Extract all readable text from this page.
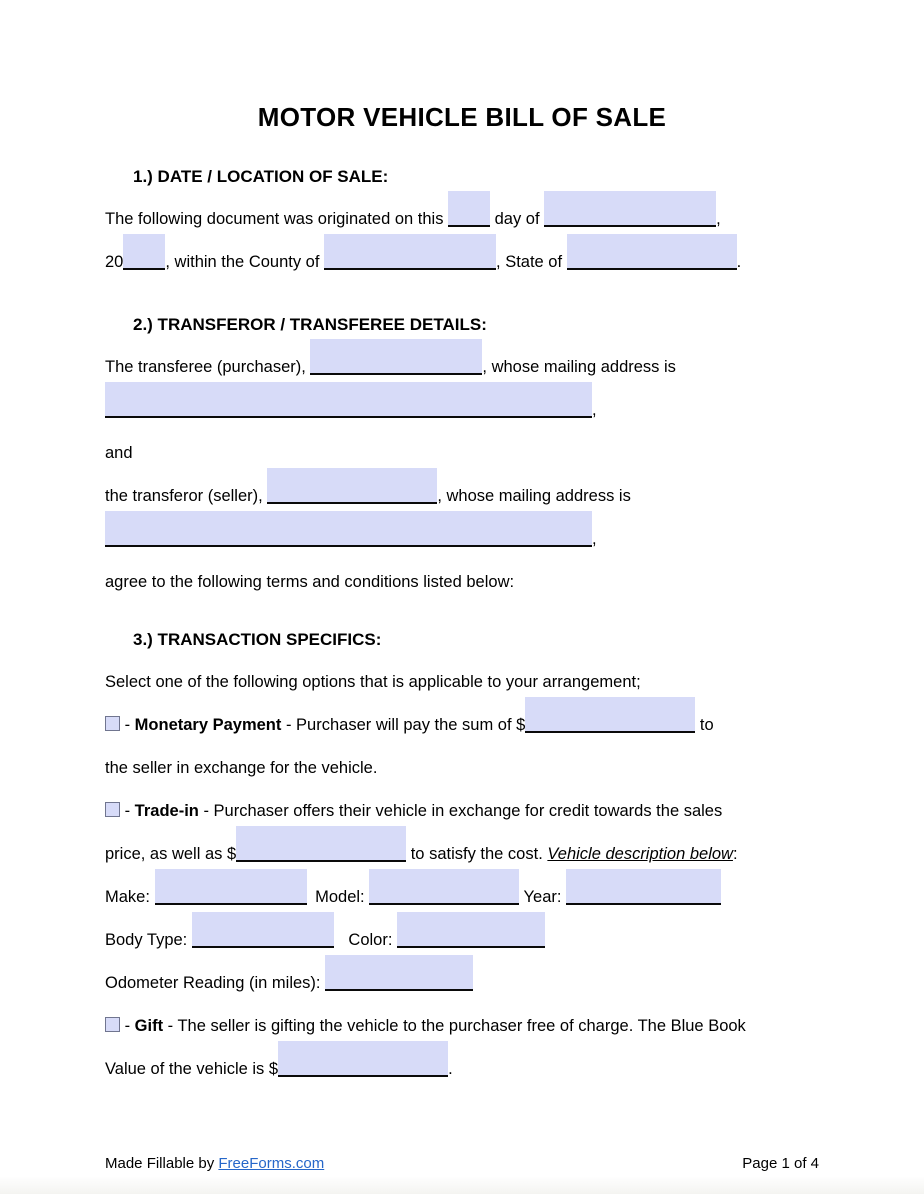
MOTOR VEHICLE BILL OF SALE
1.) DATE / LOCATION OF SALE:
The following document was originated on this	day of	,
20	, within the County of	, State of	.
2.) TRANSFEROR / TRANSFEREE DETAILS:
The transferee (purchaser),	, whose mailing address is
,
and
the transferor (seller),	, whose mailing address is
,
agree to the following terms and conditions listed below:
3.) TRANSACTION SPECIFICS:
Select one of the following options that is applicable to your arrangement;
- Monetary Payment - Purchaser will pay the sum of $	to
the seller in exchange for the vehicle.
- Trade-in - Purchaser offers their vehicle in exchange for credit towards the sales
price, as well as $	to satisfy the cost. Vehicle description below:
Make:	Model:	Year:
Body Type:	Color:
Odometer Reading (in miles):
- Gift - The seller is gifting the vehicle to the purchaser free of charge. The Blue Book
Value of the vehicle is $	.
Made Fillable by FreeForms.com	Page 1 of 4
